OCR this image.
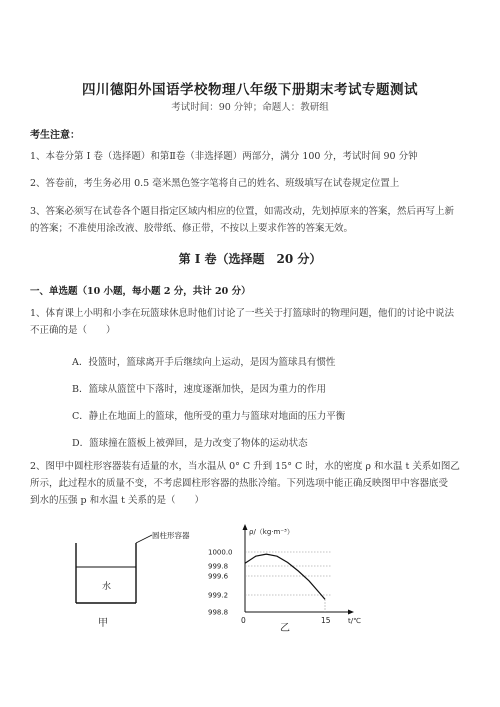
四川德阳外国语学校物理八年级下册期末考试专题测试
考试时间：90 分钟；命题人：教研组
考生注意：
1、本卷分第 I 卷（选择题）和第Ⅱ卷（非选择题）两部分，满分 100 分，考试时间 90 分钟
2、答卷前，考生务必用 0.5 毫米黑色签字笔将自己的姓名、班级填写在试卷规定位置上
3、答案必须写在试卷各个题目指定区域内相应的位置，如需改动，先划掉原来的答案，然后再写上新
的答案；不准使用涂改液、胶带纸、修正带，不按以上要求作答的答案无效。
第 I 卷（选择题　20 分）
一、单选题（10 小题，每小题 2 分，共计 20 分）
1、体育课上小明和小李在玩篮球休息时他们讨论了一些关于打篮球时的物理问题，他们的讨论中说法
不正确的是（　　）
A．投篮时，篮球离开手后继续向上运动，是因为篮球具有惯性
B．篮球从篮筐中下落时，速度逐渐加快，是因为重力的作用
C．静止在地面上的篮球，他所受的重力与篮球对地面的压力平衡
D．篮球撞在篮板上被弹回，是力改变了物体的运动状态
2、图甲中圆柱形容器装有适量的水，当水温从 0° C 升到 15° C 时，水的密度 ρ 和水温 t 关系如图乙
所示，此过程水的质量不变，不考虑圆柱形容器的热胀冷缩。下列选项中能正确反映图甲中容器底受
到水的压强 p 和水温 t 关系的是（　　）
圆柱形容器
水
甲
ρ/（kg·m⁻³）
t/℃
0
998.8
999.2
999.6
999.8
1000.0
15
乙
